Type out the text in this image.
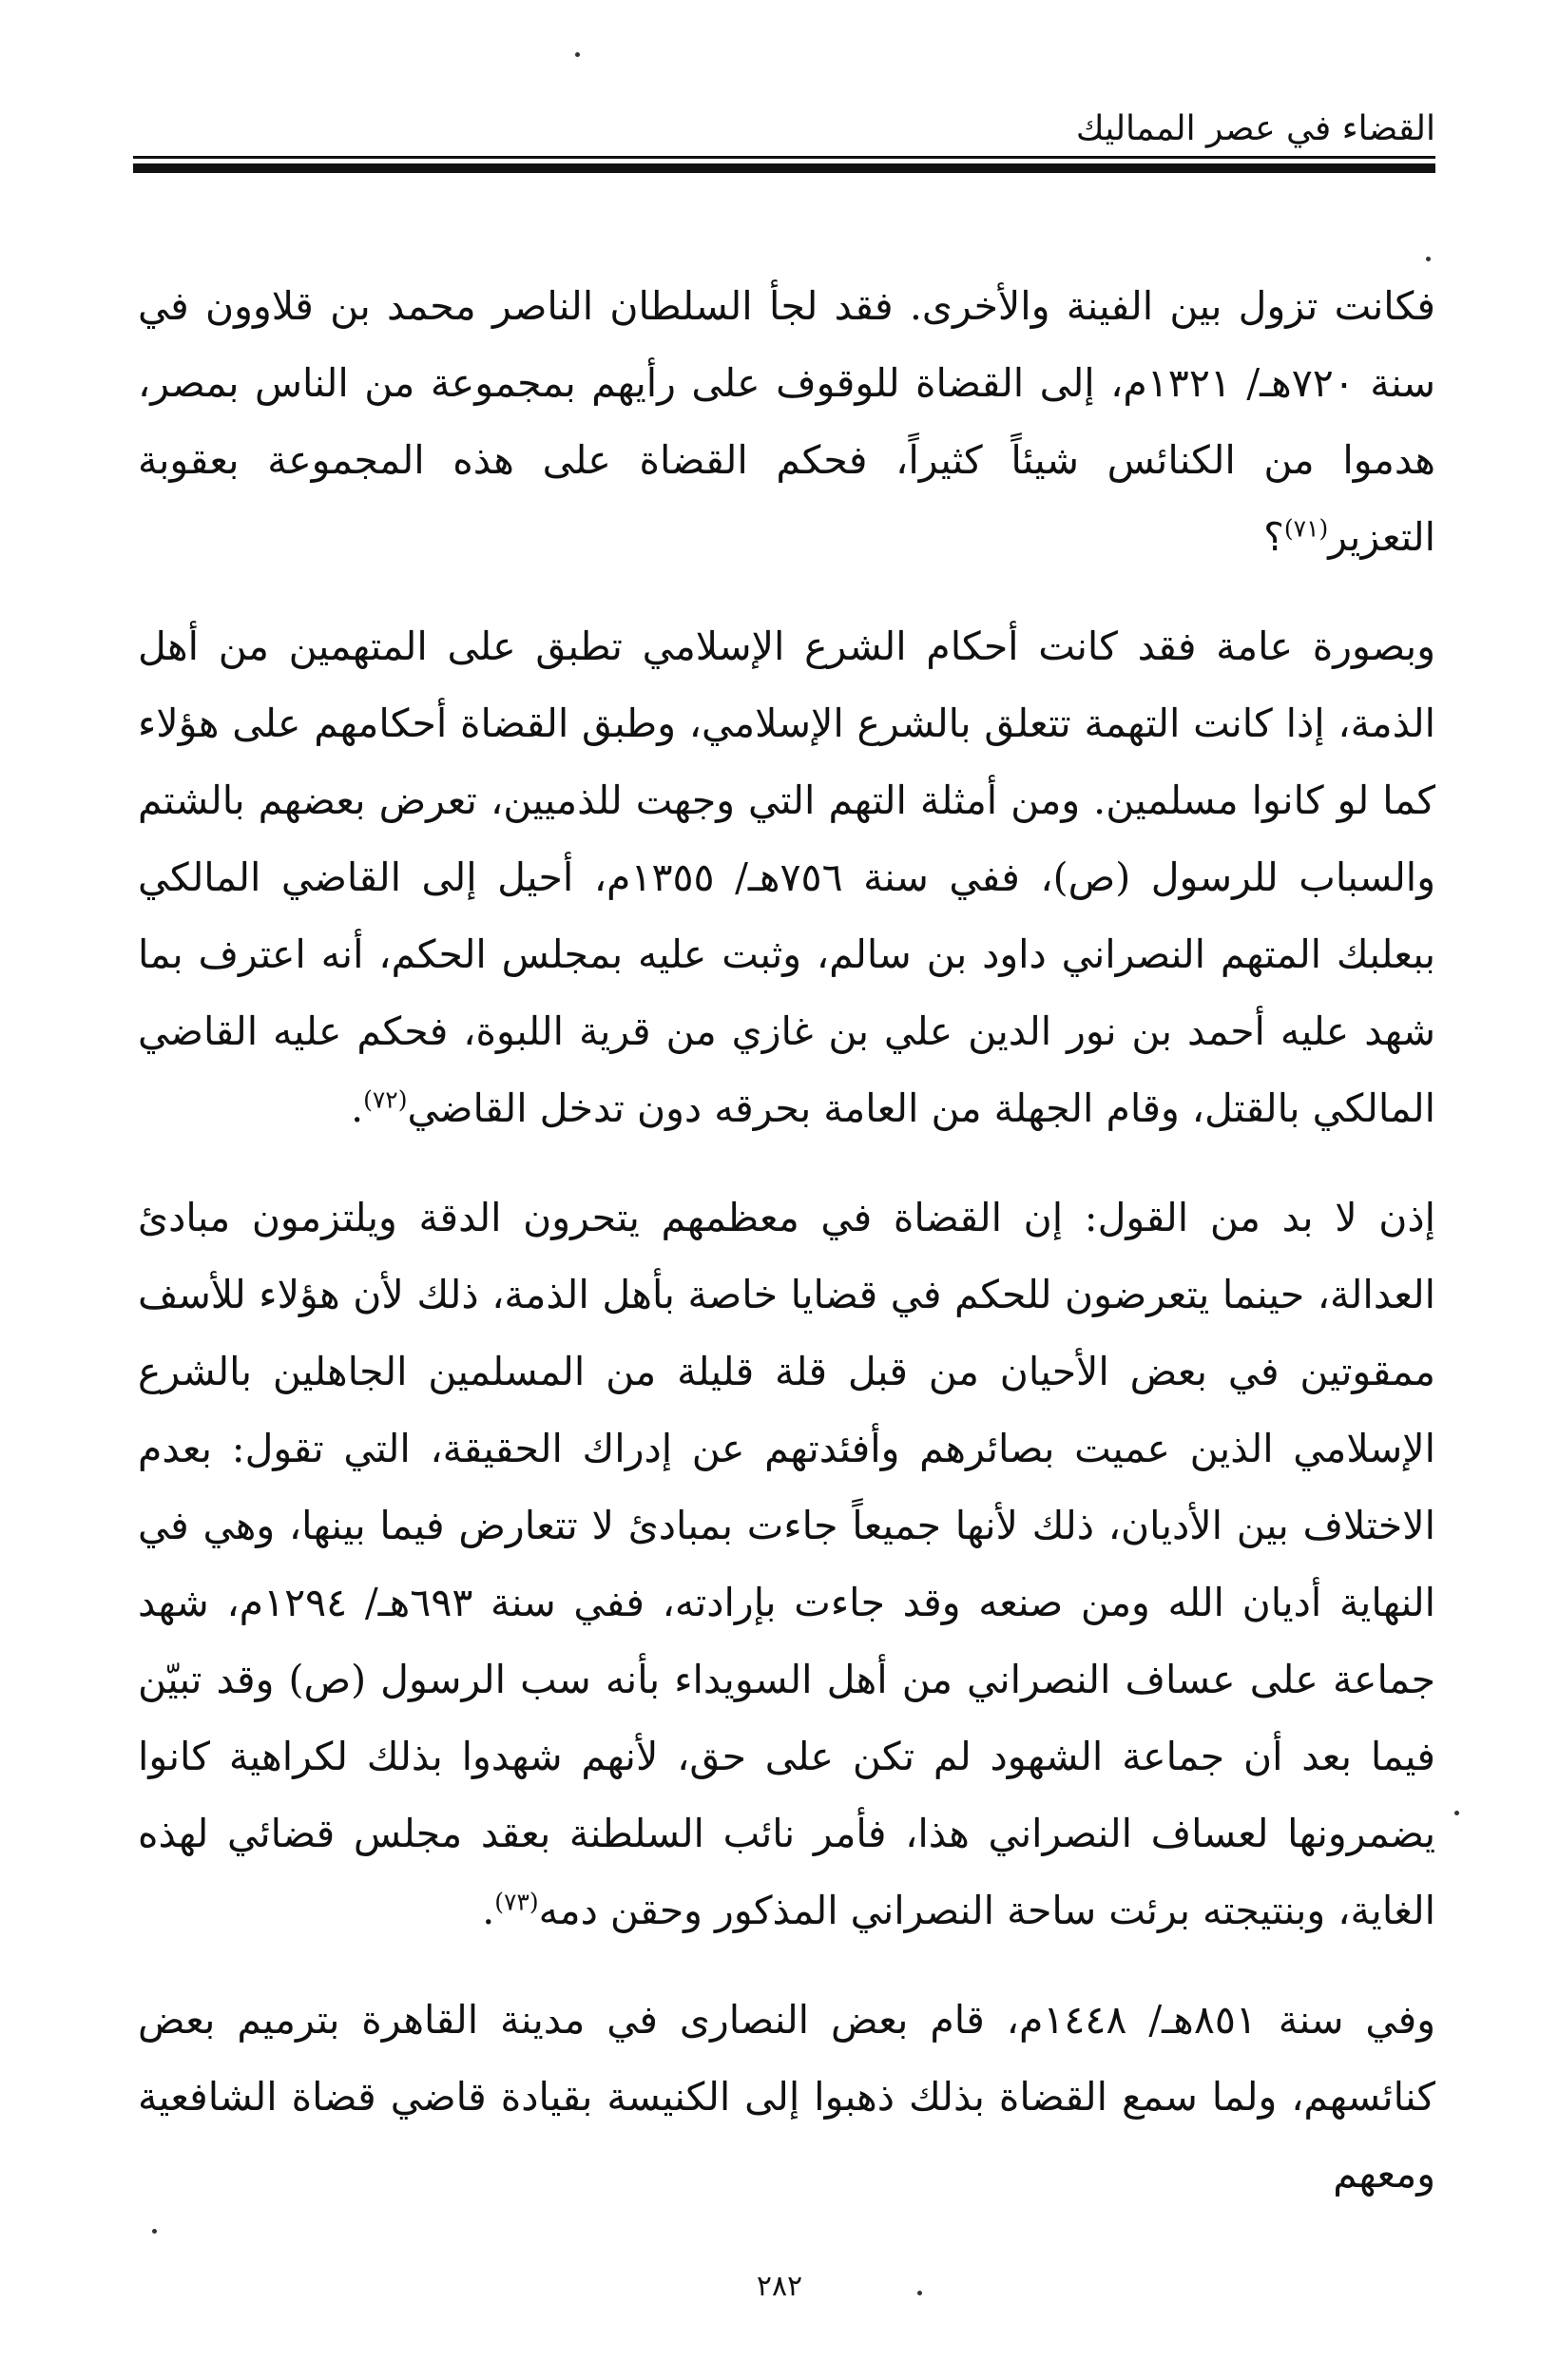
القضاء في عصر المماليك

فكانت تزول بين الفينة والأخرى. فقد لجأ السلطان الناصر محمد بن قلاوون في سنة ٧٢٠هـ/ ١٣٢١م، إلى القضاة للوقوف على رأيهم بمجموعة من الناس بمصر، هدموا من الكنائس شيئاً كثيراً، فحكم القضاة على هذه المجموعة بعقوبة التعزير$^{(٧١)}$؟

وبصورة عامة فقد كانت أحكام الشرع الإسلامي تطبق على المتهمين من أهل الذمة، إذا كانت التهمة تتعلق بالشرع الإسلامي، وطبق القضاة أحكامهم على هؤلاء كما لو كانوا مسلمين. ومن أمثلة التهم التي وجهت للذميين، تعرض بعضهم بالشتم والسباب للرسول (ص)، ففي سنة ٧٥٦هـ/ ١٣٥٥م، أحيل إلى القاضي المالكي ببعلبك المتهم النصراني داود بن سالم، وثبت عليه بمجلس الحكم، أنه اعترف بما شهد عليه أحمد بن نور الدين علي بن غازي من قرية اللبوة، فحكم عليه القاضي المالكي بالقتل، وقام الجهلة من العامة بحرقه دون تدخل القاضي$^{(٧٢)}$.

إذن لا بد من القول: إن القضاة في معظمهم يتحرون الدقة ويلتزمون مبادئ العدالة، حينما يتعرضون للحكم في قضايا خاصة بأهل الذمة، ذلك لأن هؤلاء للأسف ممقوتين في بعض الأحيان من قبل قلة قليلة من المسلمين الجاهلين بالشرع الإسلامي الذين عميت بصائرهم وأفئدتهم عن إدراك الحقيقة، التي تقول: بعدم الاختلاف بين الأديان، ذلك لأنها جميعاً جاءت بمبادئ لا تتعارض فيما بينها، وهي في النهاية أديان الله ومن صنعه وقد جاءت بإرادته، ففي سنة ٦٩٣هـ/ ١٢٩٤م، شهد جماعة على عساف النصراني من أهل السويداء بأنه سب الرسول (ص) وقد تبيّن فيما بعد أن جماعة الشهود لم تكن على حق، لأنهم شهدوا بذلك لكراهية كانوا يضمرونها لعساف النصراني هذا، فأمر نائب السلطنة بعقد مجلس قضائي لهذه الغاية، وبنتيجته برئت ساحة النصراني المذكور وحقن دمه$^{(٧٣)}$.

وفي سنة ٨٥١هـ/ ١٤٤٨م، قام بعض النصارى في مدينة القاهرة بترميم بعض كنائسهم، ولما سمع القضاة بذلك ذهبوا إلى الكنيسة بقيادة قاضي قضاة الشافعية ومعهم

٢٨٢
